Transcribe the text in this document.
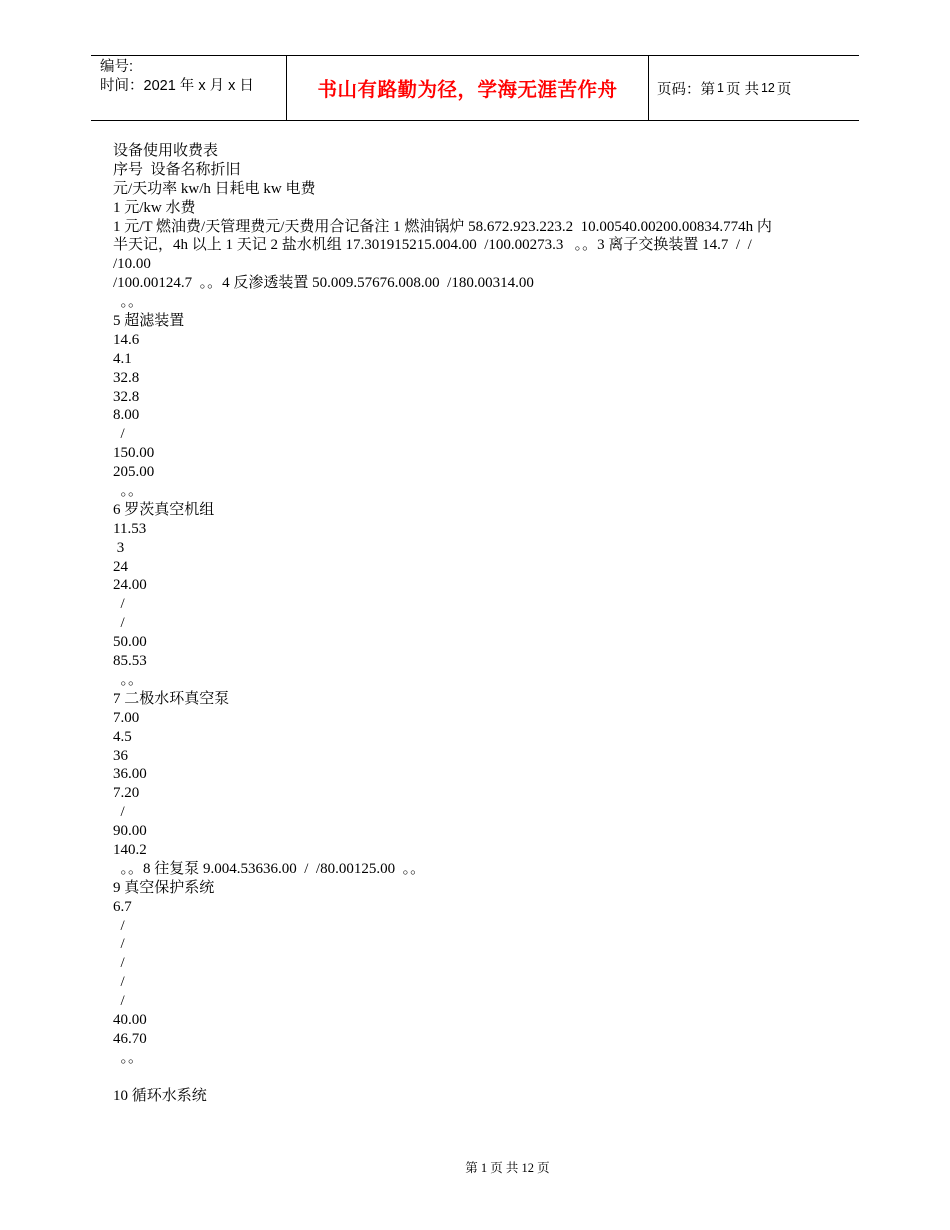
编号:
时间：2021 年 x 月 x 日	书山有路勤为径，学海无涯苦作舟	页码：第 1 页 共 12 页
设备使用收费表
序号  设备名称折旧
元/天功率 kw/h 日耗电 kw 电费
1 元/kw 水费
1 元/T 燃油费/天管理费元/天费用合记备注 1 燃油锅炉 58.672.923.223.2  10.00540.00200.00834.774h 内
半天记，4h 以上 1 天记 2 盐水机组 17.301915215.004.00  /100.00273.3   。。3 离子交换装置 14.7  /  /
/10.00
/100.00124.7  。。4 反渗透装置 50.009.57676.008.00  /180.00314.00
。。
5 超滤装置
14.6
4.1
32.8
32.8
8.00
/
150.00
205.00
。。
6 罗茨真空机组
11.53
3
24
24.00
/
/
50.00
85.53
。。
7 二极水环真空泵
7.00
4.5
36
36.00
7.20
/
90.00
140.2
。。8 往复泵 9.004.53636.00  /  /80.00125.00  。。
9 真空保护系统
6.7
/
/
/
/
/
40.00
46.70
。。
10 循环水系统
第 1 页 共 12 页
